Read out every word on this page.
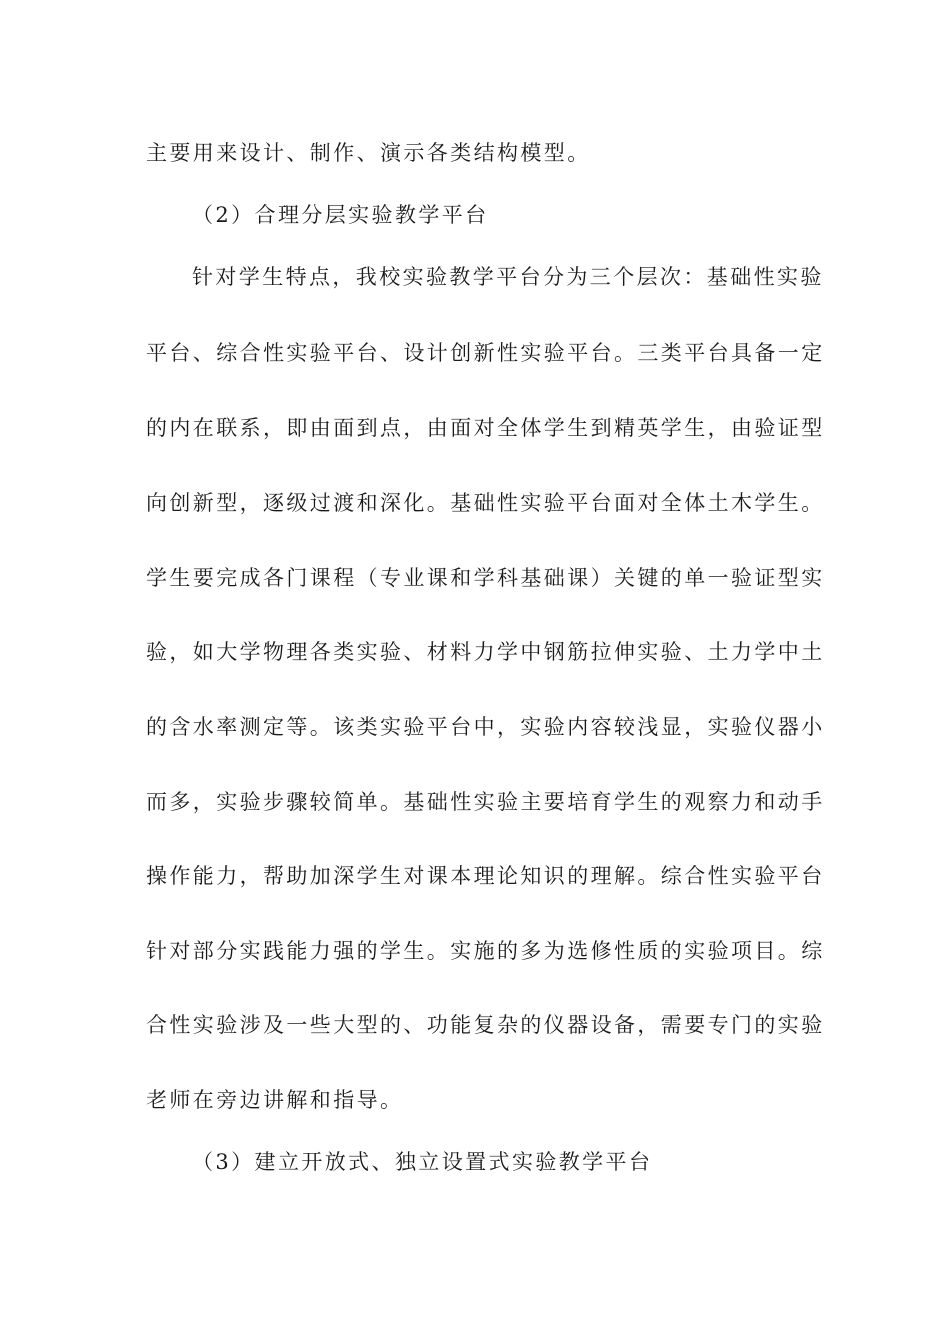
主要用来设计、制作、演示各类结构模型。
（2）合理分层实验教学平台
针对学生特点，我校实验教学平台分为三个层次：基础性实验
平台、综合性实验平台、设计创新性实验平台。三类平台具备一定
的内在联系，即由面到点，由面对全体学生到精英学生，由验证型
向创新型，逐级过渡和深化。基础性实验平台面对全体土木学生。
学生要完成各门课程（专业课和学科基础课）关键的单一验证型实
验，如大学物理各类实验、材料力学中钢筋拉伸实验、土力学中土
的含水率测定等。该类实验平台中，实验内容较浅显，实验仪器小
而多，实验步骤较简单。基础性实验主要培育学生的观察力和动手
操作能力，帮助加深学生对课本理论知识的理解。综合性实验平台
针对部分实践能力强的学生。实施的多为选修性质的实验项目。综
合性实验涉及一些大型的、功能复杂的仪器设备，需要专门的实验
老师在旁边讲解和指导。
（3）建立开放式、独立设置式实验教学平台
